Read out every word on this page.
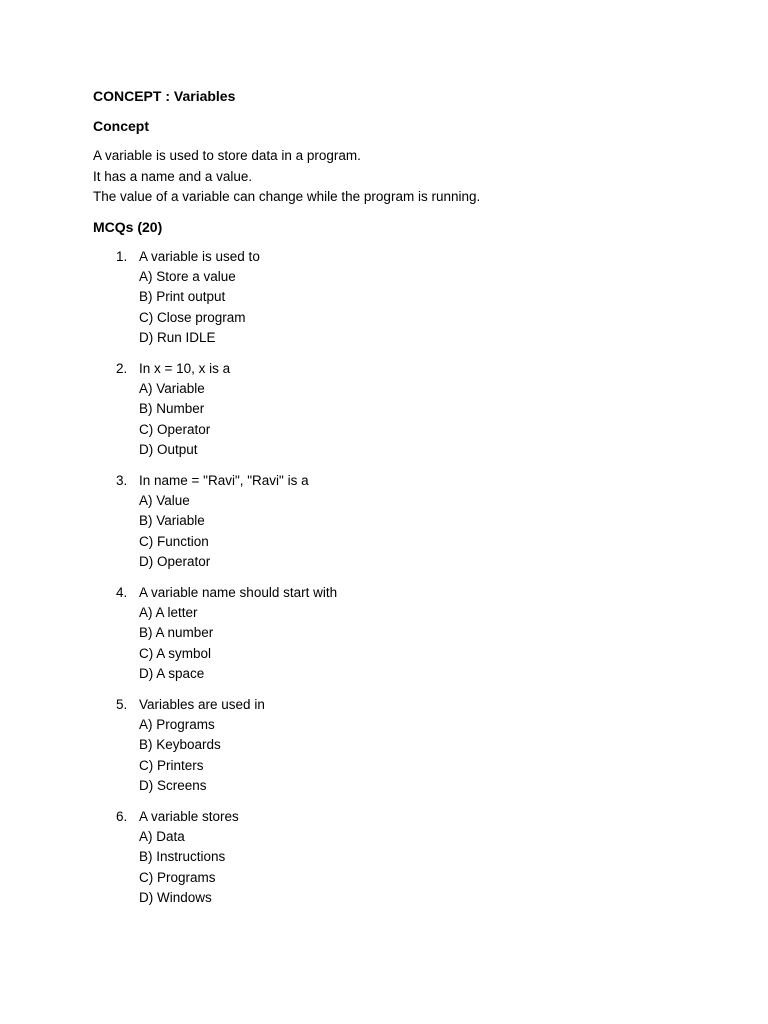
CONCEPT : Variables

Concept

A variable is used to store data in a program.
It has a name and a value.
The value of a variable can change while the program is running.

MCQs (20)

1. A variable is used to
A) Store a value
B) Print output
C) Close program
D) Run IDLE
2. In x = 10, x is a
A) Variable
B) Number
C) Operator
D) Output
3. In name = "Ravi", "Ravi" is a
A) Value
B) Variable
C) Function
D) Operator
4. A variable name should start with
A) A letter
B) A number
C) A symbol
D) A space
5. Variables are used in
A) Programs
B) Keyboards
C) Printers
D) Screens
6. A variable stores
A) Data
B) Instructions
C) Programs
D) Windows
